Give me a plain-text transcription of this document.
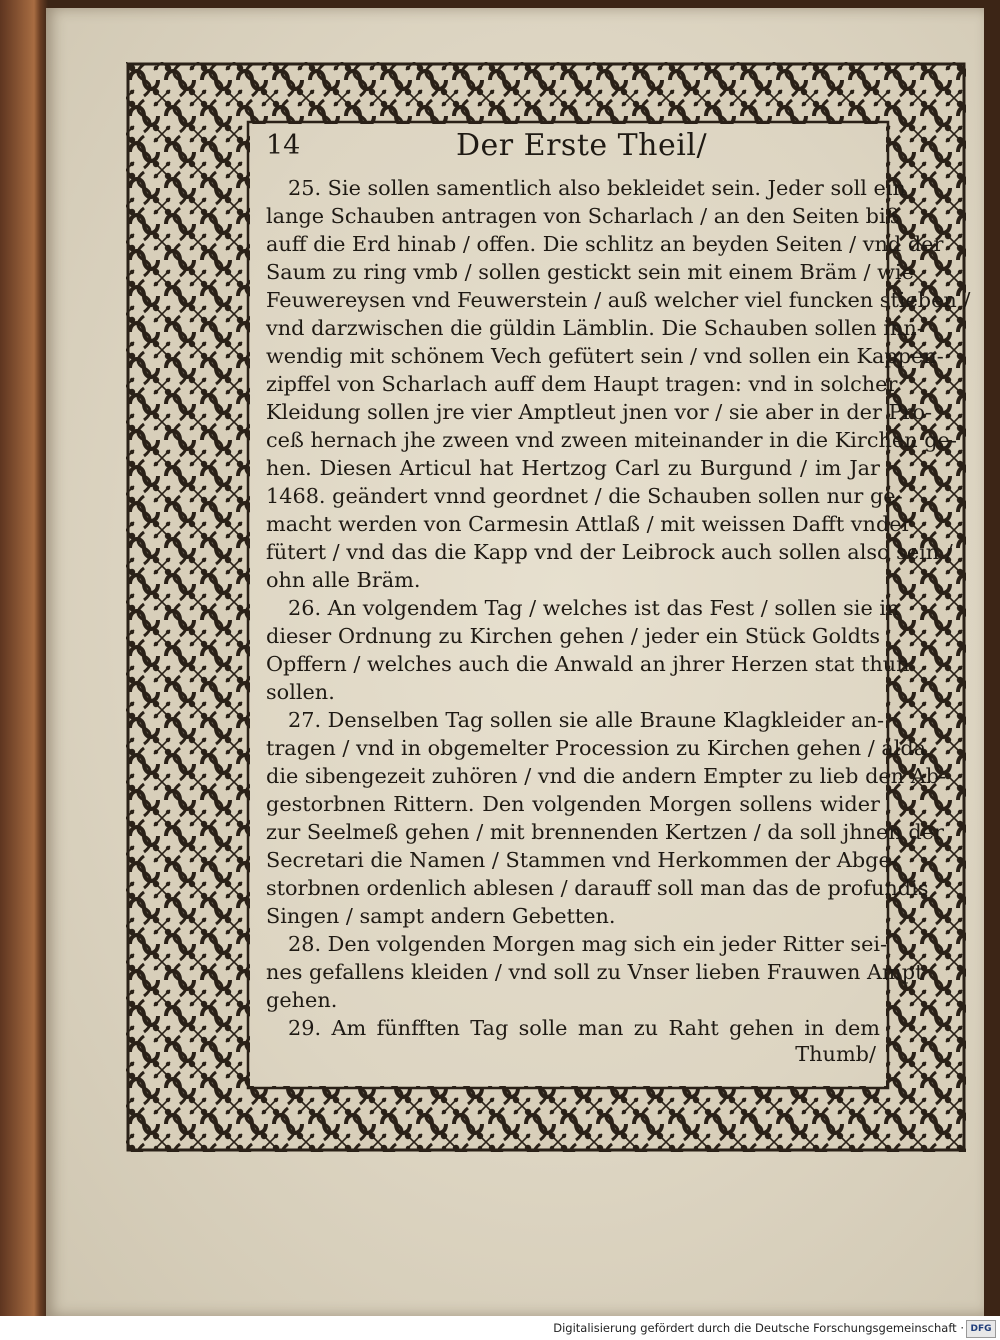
14	Der Erste Theil/
25. Sie sollen samentlich also bekleidet sein. Jeder soll ein
lange Schauben antragen von Scharlach / an den Seiten biß
auff die Erd hinab / offen. Die schlitz an beyden Seiten / vnd der
Saum zu ring vmb / sollen gestickt sein mit einem Bräm / wie
Feuwereysen vnd Feuwerstein / auß welcher viel funcken stieben /
vnd darzwischen die güldin Lämblin. Die Schauben sollen inn-
wendig mit schönem Vech gefütert sein / vnd sollen ein Kappen-
zipffel von Scharlach auff dem Haupt tragen: vnd in solcher
Kleidung sollen jre vier Amptleut jnen vor / sie aber in der Pro-
ceß hernach jhe zween vnd zween miteinander in die Kirchen ge-
hen. Diesen Articul hat Hertzog Carl zu Burgund / im Jar
1468. geändert vnnd geordnet / die Schauben sollen nur ge-
macht werden von Carmesin Attlaß / mit weissen Dafft vnder
fütert / vnd das die Kapp vnd der Leibrock auch sollen also sein /
ohn alle Bräm.
26. An volgendem Tag / welches ist das Fest / sollen sie in
dieser Ordnung zu Kirchen gehen / jeder ein Stück Goldts
Opffern / welches auch die Anwald an jhrer Herzen stat thun
sollen.
27. Denselben Tag sollen sie alle Braune Klagkleider an-
tragen / vnd in obgemelter Procession zu Kirchen gehen / alda
die sibengezeit zuhören / vnd die andern Empter zu lieb den Ab-
gestorbnen Rittern. Den volgenden Morgen sollens wider
zur Seelmeß gehen / mit brennenden Kertzen / da soll jhnen der
Secretari die Namen / Stammen vnd Herkommen der Abge-
storbnen ordenlich ablesen / darauff soll man das de profundis
Singen / sampt andern Gebetten.
28. Den volgenden Morgen mag sich ein jeder Ritter sei-
nes gefallens kleiden / vnd soll zu Vnser lieben Frauwen Ampt
gehen.
29. Am fünfften Tag solle man zu Raht gehen in dem
Thumb/
Digitalisierung gefördert durch die Deutsche Forschungsgemeinschaft · DFG
